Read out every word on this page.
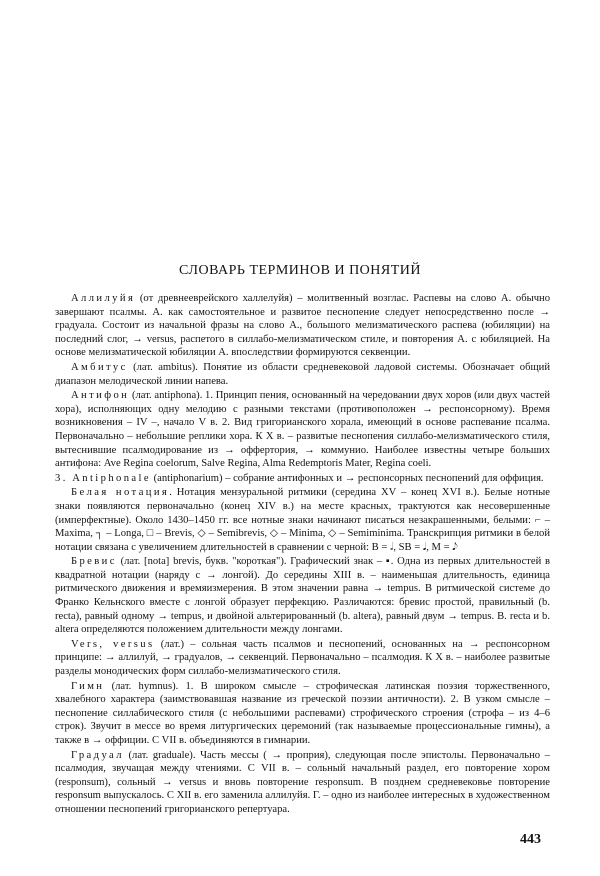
СЛОВАРЬ ТЕРМИНОВ И ПОНЯТИЙ

Аллилуйя (от древнееврейского халлелуйя) – молитвенный возглас. Распевы на слово А. обычно завершают псалмы. А. как самостоятельное и развитое песнопение следует непосредственно после → градуала. Состоит из начальной фразы на слово А., большого мелизматического распева (юбиляции) на последний слог, → versus, распетого в силлабо-мелизматическом стиле, и повторения А. с юбиляцией. На основе мелизматической юбиляции А. впоследствии формируются секвенции.

Амбитус (лат. ambitus). Понятие из области средневековой ладовой системы. Обозначает общий диапазон мелодической линии напева.

Антифон (лат. antiphona). 1. Принцип пения, основанный на чередовании двух хоров (или двух частей хора), исполняющих одну мелодию с разными текстами (противоположен → респонсорному). Время возникновения – IV –, начало V в. 2. Вид григорианского хорала, имеющий в основе распевание псалма. Первоначально – небольшие реплики хора. К X в. – развитые песнопения силлабо-мелизматического стиля, вытеснившие псалмодирование из → оффертория, → коммунио. Наиболее известны четыре больших антифона: Ave Regina coelorum, Salve Regina, Alma Redemptoris Mater, Regina coeli.

3. Antiphonale (antiphonarium) – собрание антифонных и → респонсорных песнопений для оффиция.

Белая нотация. Нотация мензуральной ритмики (середина XV – конец XVI в.). Белые нотные знаки появляются первоначально (конец XIV в.) на месте красных, трактуются как несовершенные (имперфектные). Около 1430–1450 гг. все нотные знаки начинают писаться незакрашенными, белыми: ⌐ – Maxima, ┐ – Longa, □ – Brevis, ◇ – Semibrevis, ◇ – Minima, ◇ – Semiminima. Транскрипция ритмики в белой нотации связана с увеличением длительностей в сравнении с черной: B = 𝅗𝅥, SB = 𝅘𝅥, M = 𝅘𝅥𝅮

Бревис (лат. [nota] brevis, букв. "короткая"). Графический знак – ▪. Одна из первых длительностей в квадратной нотации (наряду с → лонгой). До середины XIII в. – наименьшая длительность, единица ритмического движения и времяизмерения. В этом значении равна → tempus. В ритмической системе до Франко Кельнского вместе с лонгой образует перфекцию. Различаются: бревис простой, правильный (b. recta), равный одному → tempus, и двойной альтерированный (b. altera), равный двум → tempus. B. recta и b. altera определяются положением длительности между лонгами.

Vers, versus (лат.) – сольная часть псалмов и песнопений, основанных на → респонсорном принципе: → аллилуй, → градуалов, → секвенций. Первоначально – псалмодия. К X в. – наиболее развитые разделы монодических форм силлабо-мелизматического стиля.

Гимн (лат. hymnus). 1. В широком смысле – строфическая латинская поэзия торжественного, хвалебного характера (заимствовавшая название из греческой поэзии античности). 2. В узком смысле – песнопение силлабического стиля (с небольшими распевами) строфического строения (строфа – из 4–6 строк). Звучит в мессе во время литургических церемоний (так называемые процессиональные гимны), а также в → оффиции. С VII в. объединяются в гимнарии.

Градуал (лат. graduale). Часть мессы ( → проприя), следующая после эпистолы. Первоначально – псалмодия, звучащая между чтениями. С VII в. – сольный начальный раздел, его повторение хором (responsum), сольный → versus и вновь повторение responsum. В позднем средневековье повторение responsum выпускалось. С XII в. его заменила аллилуйя. Г. – одно из наиболее интересных в художественном отношении песнопений григорианского репертуара.

443
